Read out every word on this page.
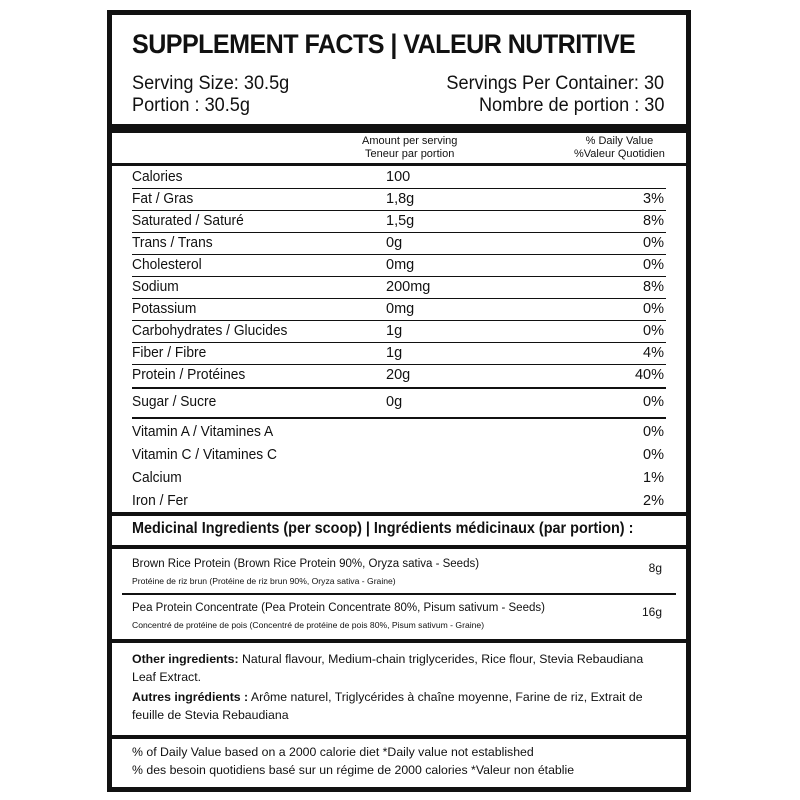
SUPPLEMENT FACTS | VALEUR NUTRITIVE
Serving Size: 30.5g	Servings Per Container: 30
Portion : 30.5g	Nombre de portion : 30
Amount per serving
Teneur par portion
% Daily Value
%Valeur Quotidien
Calories	100
Fat / Gras	1,8g	3%
Saturated / Saturé	1,5g	8%
Trans / Trans	0g	0%
Cholesterol	0mg	0%
Sodium	200mg	8%
Potassium	0mg	0%
Carbohydrates / Glucides	1g	0%
Fiber / Fibre	1g	4%
Protein / Protéines	20g	40%
Sugar / Sucre	0g	0%
Vitamin A / Vitamines A	0%
Vitamin C / Vitamines C	0%
Calcium	1%
Iron / Fer	2%
Medicinal Ingredients (per scoop) | Ingrédients médicinaux (par portion) :
Brown Rice Protein (Brown Rice Protein 90%, Oryza sativa - Seeds)
Protéine de riz brun (Protéine de riz brun 90%, Oryza sativa - Graine)
8g
Pea Protein Concentrate (Pea Protein Concentrate 80%, Pisum sativum - Seeds)
Concentré de protéine de pois (Concentré de protéine de pois 80%, Pisum sativum - Graine)
16g
Other ingredients: Natural flavour, Medium-chain triglycerides, Rice flour, Stevia Rebaudiana Leaf Extract.
Autres ingrédients : Arôme naturel, Triglycérides à chaîne moyenne, Farine de riz, Extrait de feuille de Stevia Rebaudiana
% of Daily Value based on a 2000 calorie diet *Daily value not established
% des besoin quotidiens basé sur un régime de 2000 calories *Valeur non établie
